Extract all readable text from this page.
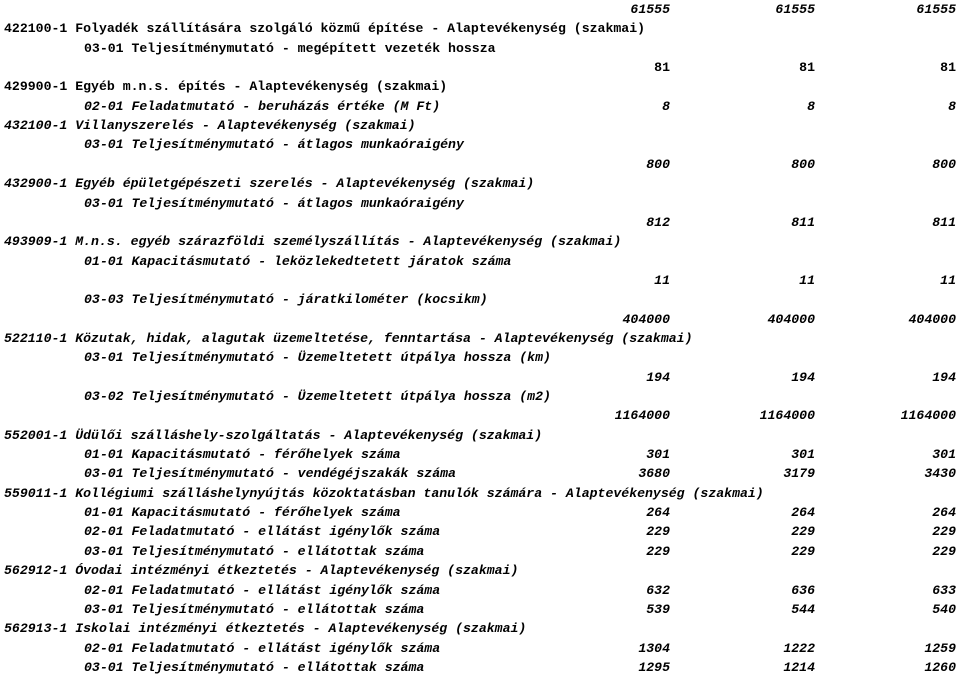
61555	61555	61555
422100-1 Folyadék szállítására szolgáló közmű építése - Alaptevékenység (szakmai)
03-01 Teljesítménymutató - megépített vezeték hossza
81	81	81
429900-1 Egyéb m.n.s. építés - Alaptevékenység (szakmai)
02-01 Feladatmutató - beruházás értéke (M Ft)	8	8	8
432100-1 Villanyszerelés - Alaptevékenység (szakmai)
03-01 Teljesítménymutató - átlagos munkaóraigény
800	800	800
432900-1 Egyéb épületgépészeti szerelés - Alaptevékenység (szakmai)
03-01 Teljesítménymutató - átlagos munkaóraigény
812	811	811
493909-1 M.n.s. egyéb szárazföldi személyszállítás - Alaptevékenység (szakmai)
01-01 Kapacitásmutató - leközlekedtetett járatok száma
11	11	11
03-03 Teljesítménymutató - járatkilométer (kocsikm)
404000	404000	404000
522110-1 Közutak, hidak, alagutak üzemeltetése, fenntartása - Alaptevékenység (szakmai)
03-01 Teljesítménymutató - Üzemeltetett útpálya hossza (km)
194	194	194
03-02 Teljesítménymutató - Üzemeltetett útpálya hossza (m2)
1164000	1164000	1164000
552001-1 Üdülői szálláshely-szolgáltatás - Alaptevékenység (szakmai)
01-01 Kapacitásmutató - férőhelyek száma	301	301	301
03-01 Teljesítménymutató - vendégéjszakák száma	3680	3179	3430
559011-1 Kollégiumi szálláshelynyújtás közoktatásban tanulók számára - Alaptevékenység (szakmai)
01-01 Kapacitásmutató - férőhelyek száma	264	264	264
02-01 Feladatmutató - ellátást igénylők száma	229	229	229
03-01 Teljesítménymutató - ellátottak száma	229	229	229
562912-1 Óvodai intézményi étkeztetés - Alaptevékenység (szakmai)
02-01 Feladatmutató - ellátást igénylők száma	632	636	633
03-01 Teljesítménymutató - ellátottak száma	539	544	540
562913-1 Iskolai intézményi étkeztetés - Alaptevékenység (szakmai)
02-01 Feladatmutató - ellátást igénylők száma	1304	1222	1259
03-01 Teljesítménymutató - ellátottak száma	1295	1214	1260
